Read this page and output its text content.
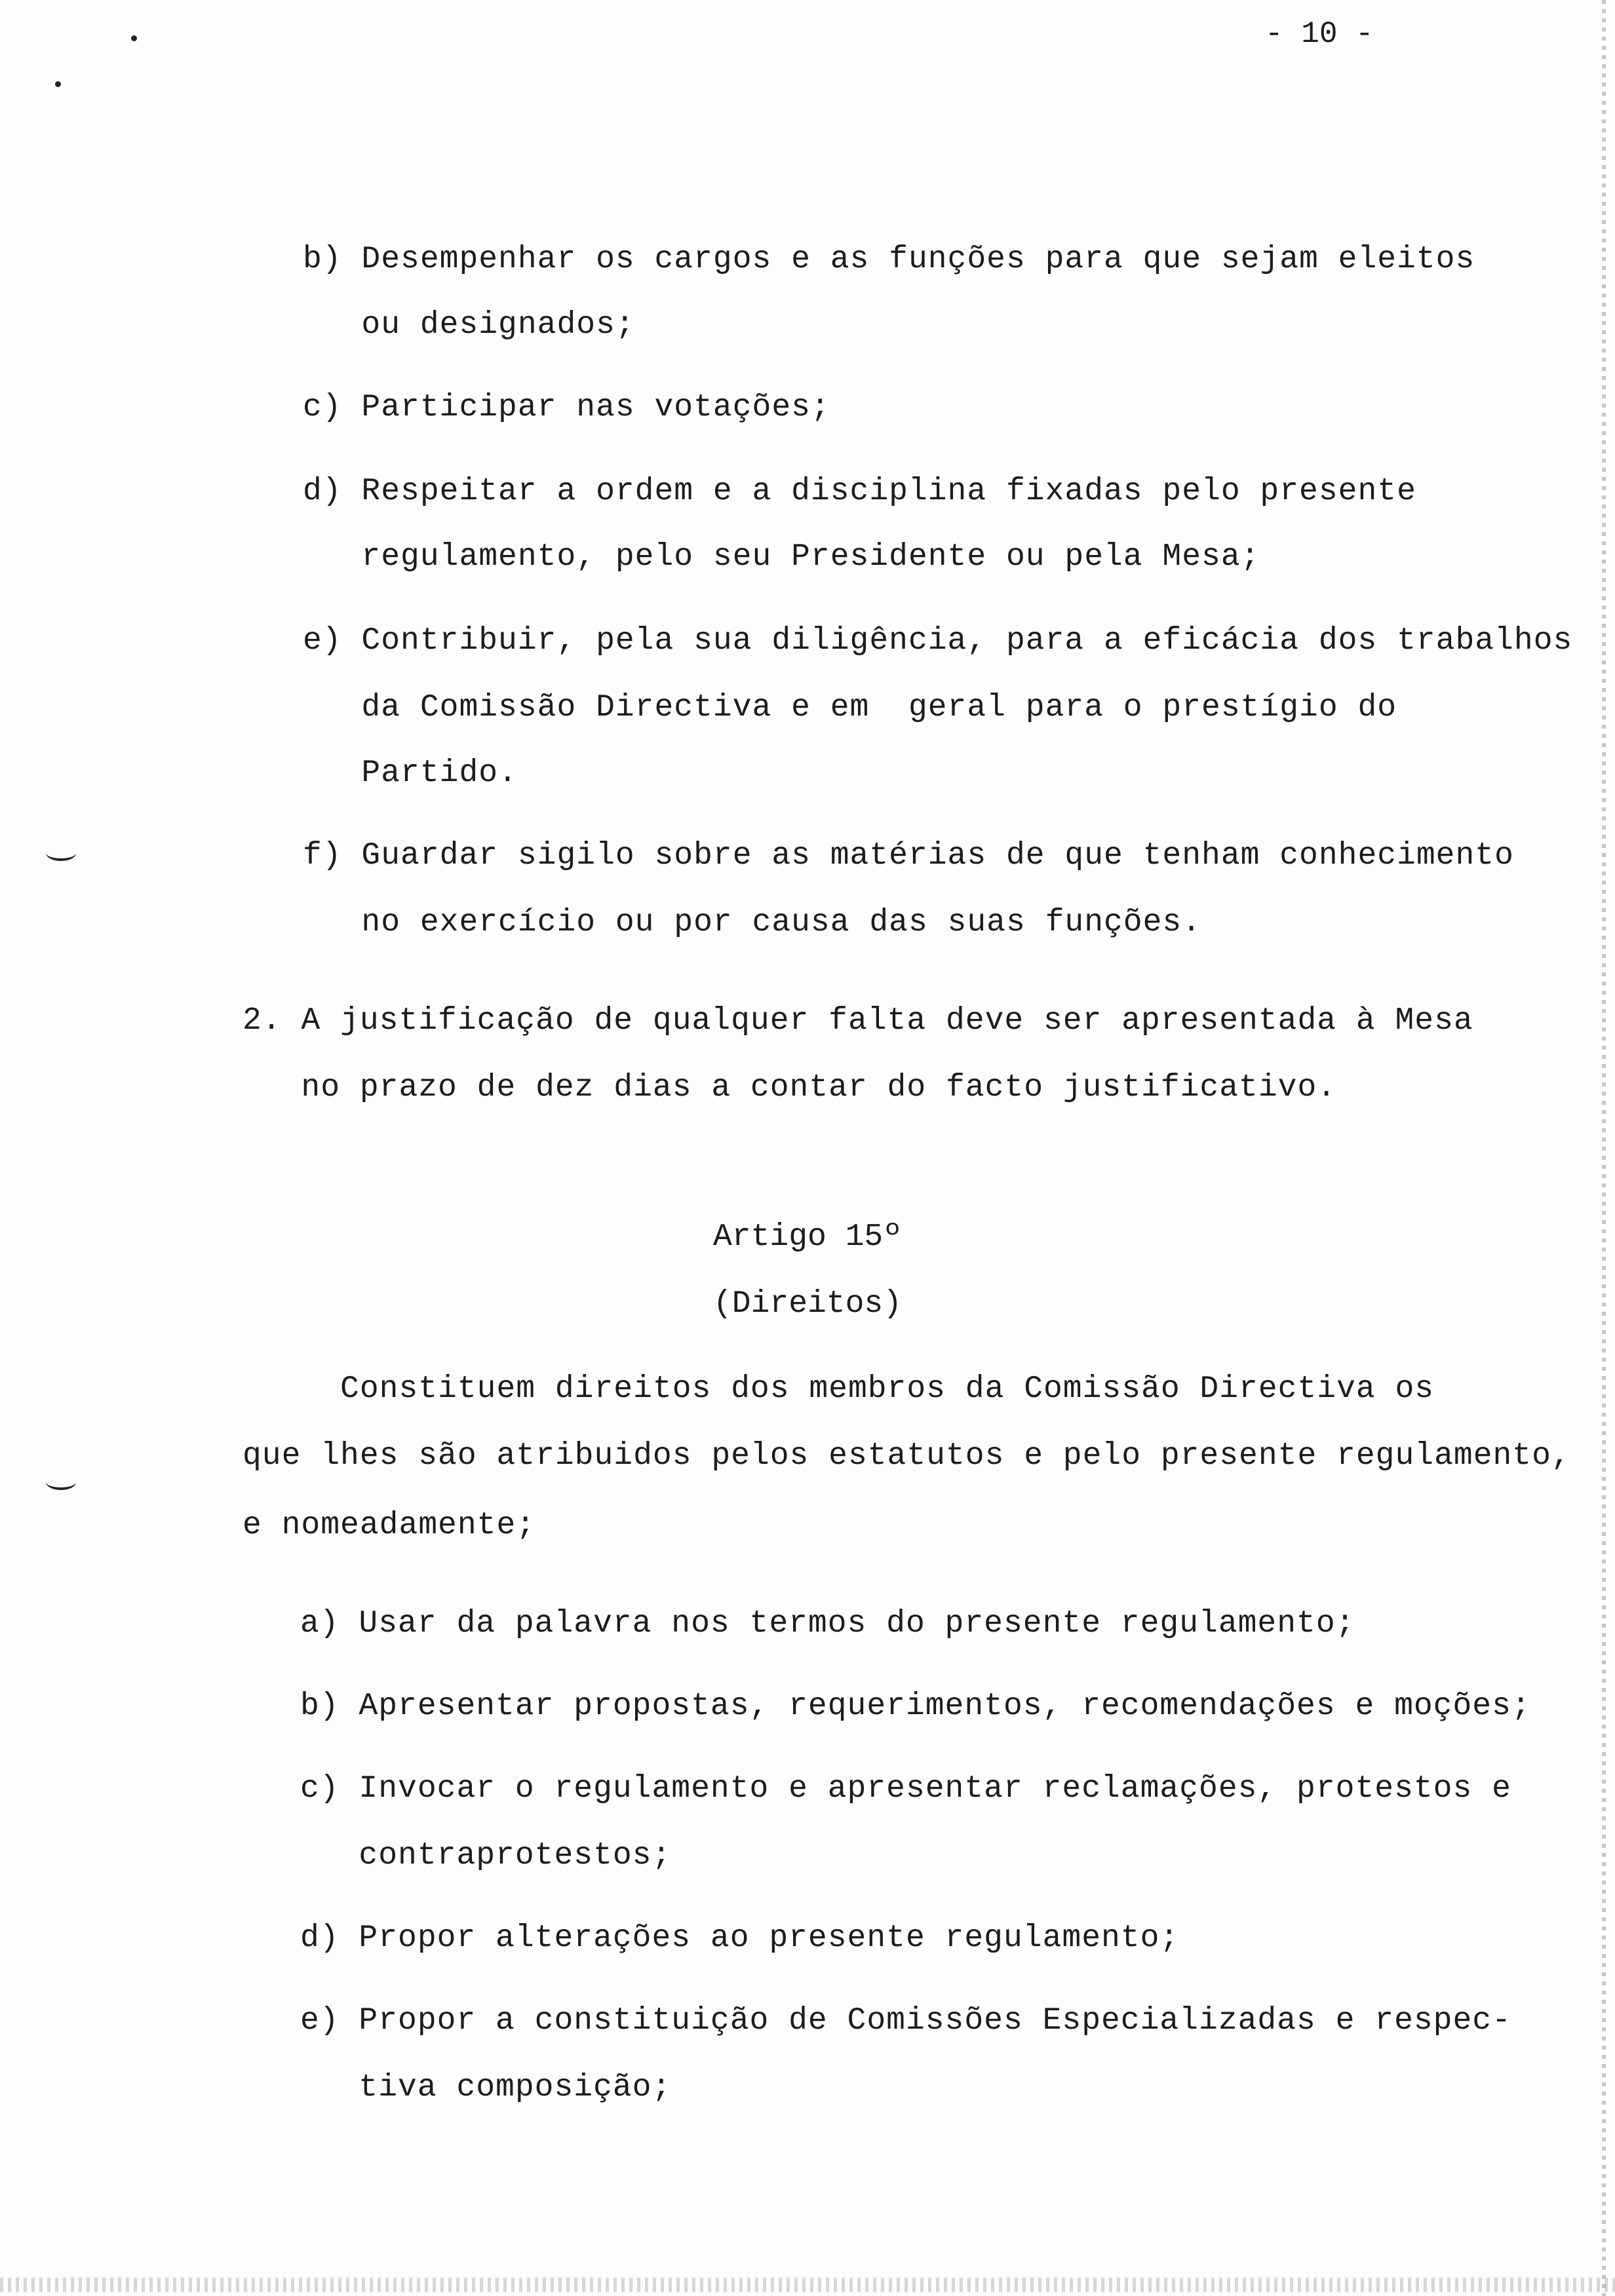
- 10 -
b) Desempenhar os cargos e as funções para que sejam eleitos
ou designados;
c) Participar nas votações;
d) Respeitar a ordem e a disciplina fixadas pelo presente
regulamento, pelo seu Presidente ou pela Mesa;
e) Contribuir, pela sua diligência, para a eficácia dos trabalhos
da Comissão Directiva e em  geral para o prestígio do
Partido.
f) Guardar sigilo sobre as matérias de que tenham conhecimento
no exercício ou por causa das suas funções.
2. A justificação de qualquer falta deve ser apresentada à Mesa
no prazo de dez dias a contar do facto justificativo.
Artigo 15º
(Direitos)
Constituem direitos dos membros da Comissão Directiva os
que lhes são atribuidos pelos estatutos e pelo presente regulamento,
e nomeadamente;
a) Usar da palavra nos termos do presente regulamento;
b) Apresentar propostas, requerimentos, recomendações e moções;
c) Invocar o regulamento e apresentar reclamações, protestos e
contraprotestos;
d) Propor alterações ao presente regulamento;
e) Propor a constituição de Comissões Especializadas e respec-
tiva composição;
